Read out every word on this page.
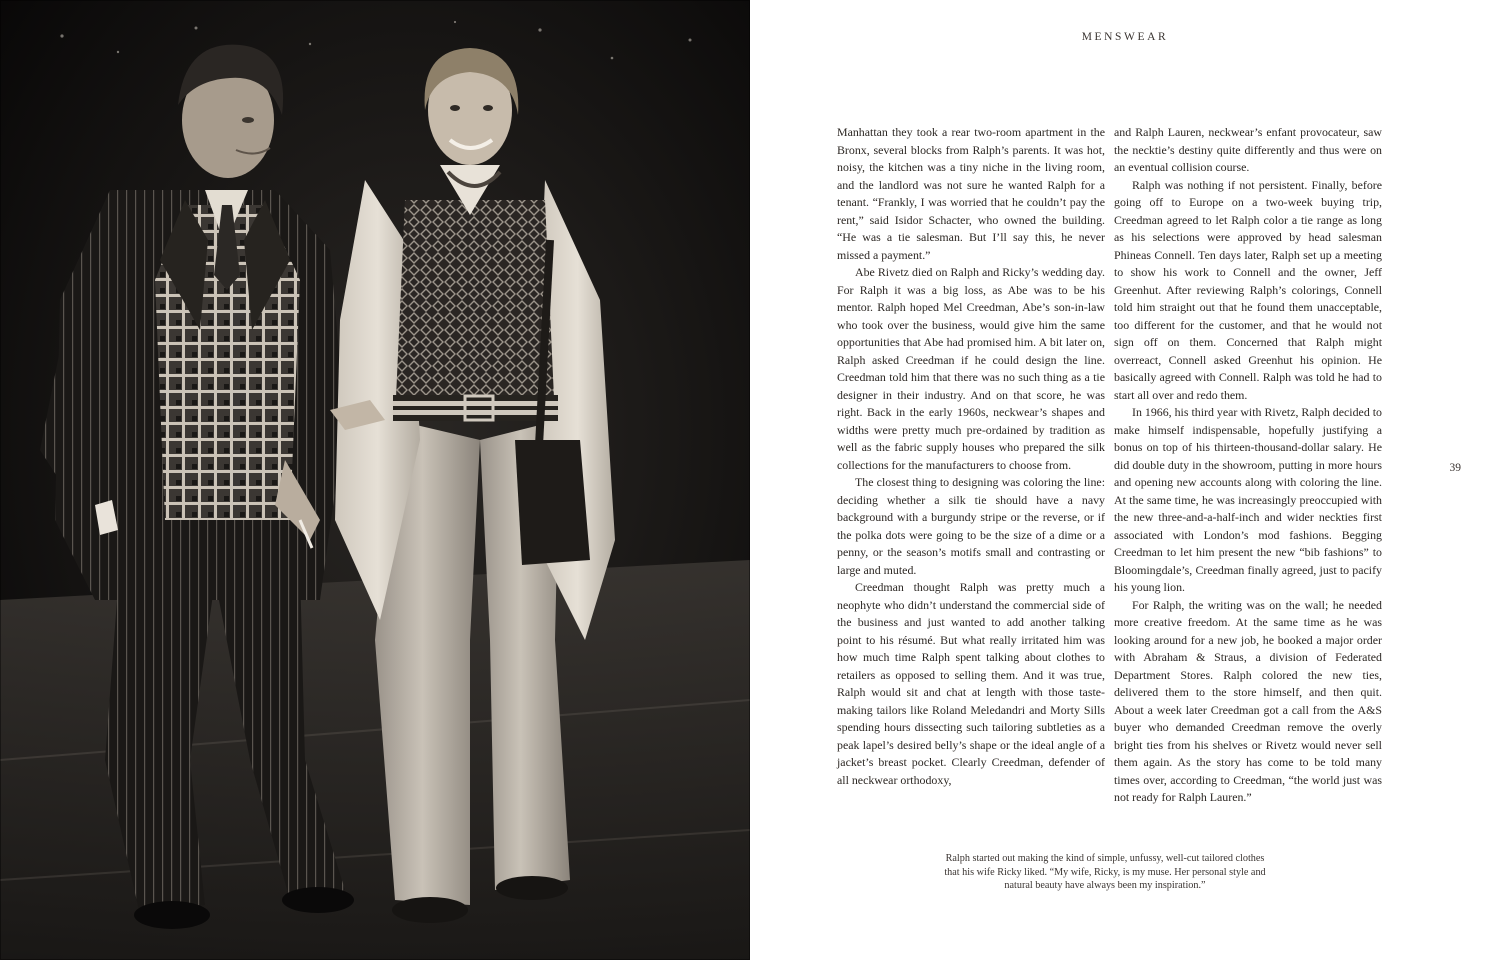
MENSWEAR

Manhattan they took a rear two-room apartment in the Bronx, several blocks from Ralph’s parents. It was hot, noisy, the kitchen was a tiny niche in the living room, and the landlord was not sure he wanted Ralph for a tenant. “Frankly, I was worried that he couldn’t pay the rent,” said Isidor Schacter, who owned the building. “He was a tie salesman. But I’ll say this, he never missed a payment.”

Abe Rivetz died on Ralph and Ricky’s wedding day. For Ralph it was a big loss, as Abe was to be his mentor. Ralph hoped Mel Creedman, Abe’s son-in-law who took over the business, would give him the same opportunities that Abe had promised him. A bit later on, Ralph asked Creedman if he could design the line. Creedman told him that there was no such thing as a tie designer in their industry. And on that score, he was right. Back in the early 1960s, neckwear’s shapes and widths were pretty much pre-ordained by tradition as well as the fabric supply houses who prepared the silk collections for the manufacturers to choose from.

The closest thing to designing was coloring the line: deciding whether a silk tie should have a navy background with a burgundy stripe or the reverse, or if the polka dots were going to be the size of a dime or a penny, or the season’s motifs small and contrasting or large and muted.

Creedman thought Ralph was pretty much a neophyte who didn’t understand the commercial side of the business and just wanted to add another talking point to his résumé. But what really irritated him was how much time Ralph spent talking about clothes to retailers as opposed to selling them. And it was true, Ralph would sit and chat at length with those taste-making tailors like Roland Meledandri and Morty Sills spending hours dissecting such tailoring subtleties as a peak lapel’s desired belly’s shape or the ideal angle of a jacket’s breast pocket. Clearly Creedman, defender of all neckwear orthodoxy,

and Ralph Lauren, neckwear’s enfant provocateur, saw the necktie’s destiny quite differently and thus were on an eventual collision course.

Ralph was nothing if not persistent. Finally, before going off to Europe on a two-week buying trip, Creedman agreed to let Ralph color a tie range as long as his selections were approved by head salesman Phineas Connell. Ten days later, Ralph set up a meeting to show his work to Connell and the owner, Jeff Greenhut. After reviewing Ralph’s colorings, Connell told him straight out that he found them unacceptable, too different for the customer, and that he would not sign off on them. Concerned that Ralph might overreact, Connell asked Greenhut his opinion. He basically agreed with Connell. Ralph was told he had to start all over and redo them.

In 1966, his third year with Rivetz, Ralph decided to make himself indispensable, hopefully justifying a bonus on top of his thirteen-thousand-dollar salary. He did double duty in the showroom, putting in more hours and opening new accounts along with coloring the line. At the same time, he was increasingly preoccupied with the new three-and-a-half-inch and wider neckties first associated with London’s mod fashions. Begging Creedman to let him present the new “bib fashions” to Bloomingdale’s, Creedman finally agreed, just to pacify his young lion.

For Ralph, the writing was on the wall; he needed more creative freedom. At the same time as he was looking around for a new job, he booked a major order with Abraham & Straus, a division of Federated Department Stores. Ralph colored the new ties, delivered them to the store himself, and then quit. About a week later Creedman got a call from the A&S buyer who demanded Creedman remove the overly bright ties from his shelves or Rivetz would never sell them again. As the story has come to be told many times over, according to Creedman, “the world just was not ready for Ralph Lauren.”

39
Ralph started out making the kind of simple, unfussy, well-cut tailored clothes that his wife Ricky liked. “My wife, Ricky, is my muse. Her personal style and natural beauty have always been my inspiration.”
